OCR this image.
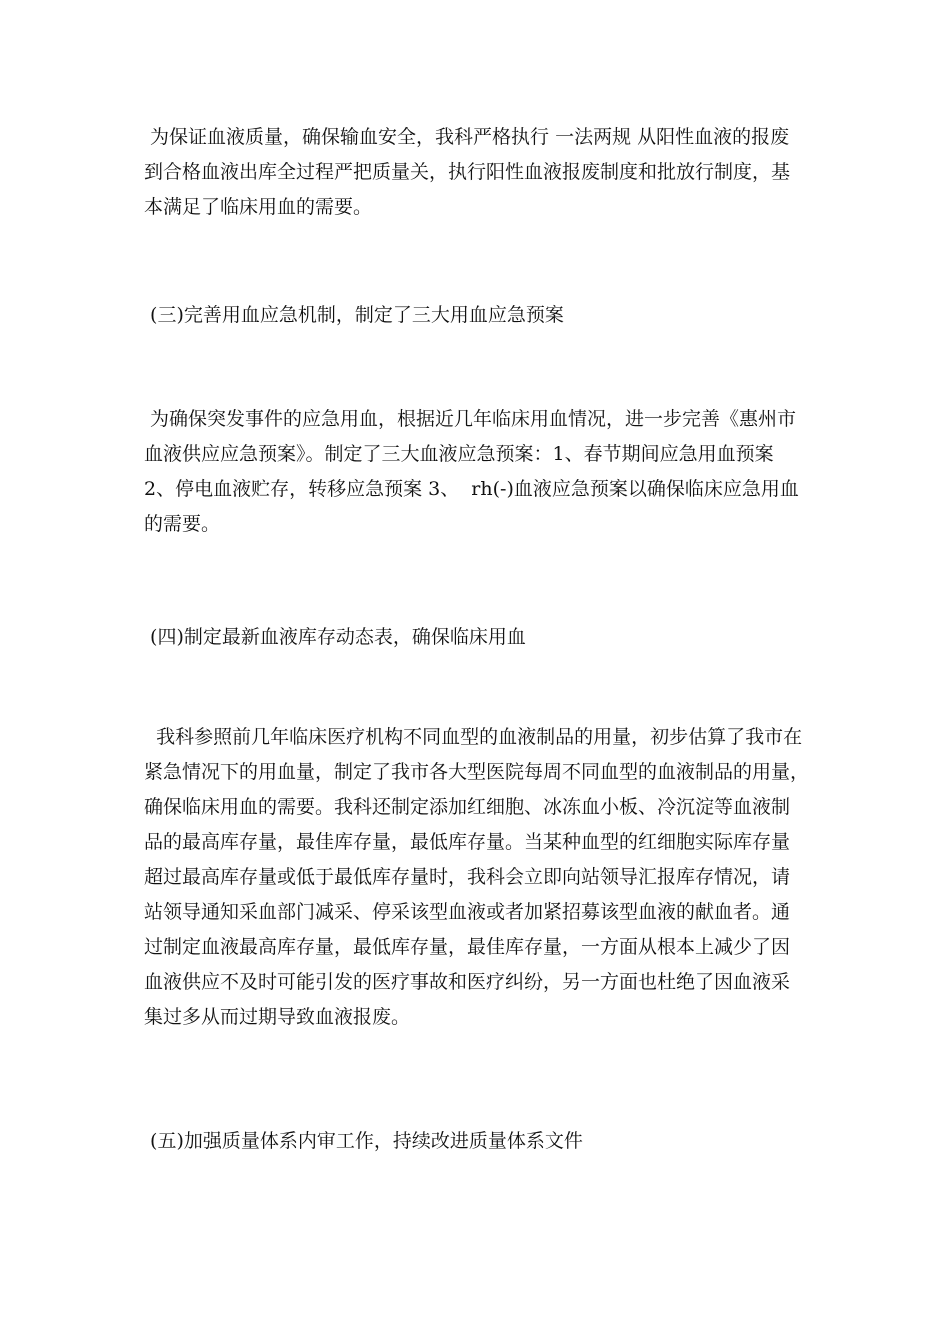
为保证血液质量，确保输血安全，我科严格执行 一法两规 从阳性血液的报废
到合格血液出库全过程严把质量关，执行阳性血液报废制度和批放行制度，基
本满足了临床用血的需要。
(三)完善用血应急机制，制定了三大用血应急预案
为确保突发事件的应急用血，根据近几年临床用血情况，进一步完善《惠州市
血液供应应急预案》。制定了三大血液应急预案：1、春节期间应急用血预案
2、停电血液贮存，转移应急预案 3、  rh(-)血液应急预案以确保临床应急用血
的需要。
(四)制定最新血液库存动态表，确保临床用血
我科参照前几年临床医疗机构不同血型的血液制品的用量，初步估算了我市在
紧急情况下的用血量，制定了我市各大型医院每周不同血型的血液制品的用量，
确保临床用血的需要。我科还制定添加红细胞、冰冻血小板、冷沉淀等血液制
品的最高库存量，最佳库存量，最低库存量。当某种血型的红细胞实际库存量
超过最高库存量或低于最低库存量时，我科会立即向站领导汇报库存情况，请
站领导通知采血部门减采、停采该型血液或者加紧招募该型血液的献血者。通
过制定血液最高库存量，最低库存量，最佳库存量，一方面从根本上减少了因
血液供应不及时可能引发的医疗事故和医疗纠纷，另一方面也杜绝了因血液采
集过多从而过期导致血液报废。
(五)加强质量体系内审工作，持续改进质量体系文件
